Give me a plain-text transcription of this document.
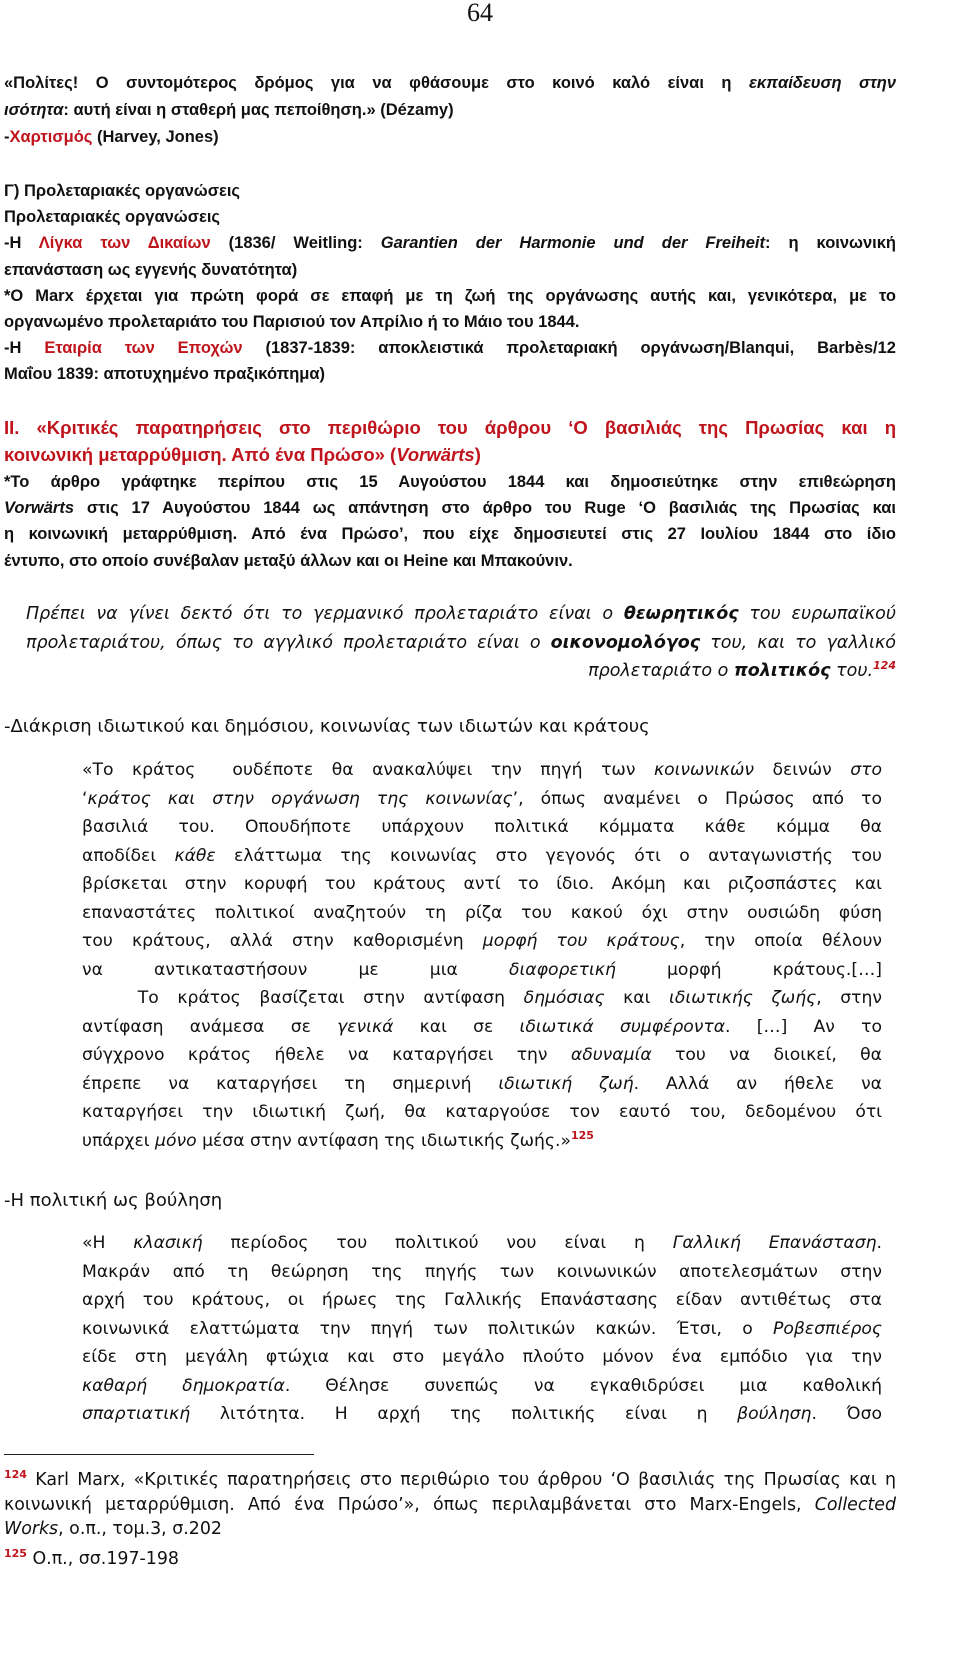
64
«Πολίτες! Ο συντομότερος δρόμος για να φθάσουμε στο κοινό καλό είναι η εκπαίδευση στην
ισότητα: αυτή είναι η σταθερή μας πεποίθηση.» (Dézamy)
-Χαρτισμός (Harvey, Jones)
Γ) Προλεταριακές οργανώσεις
Προλεταριακές οργανώσεις
-Η Λίγκα των Δικαίων (1836/ Weitling: Garantien der Harmonie und der Freiheit: η κοινωνική
επανάσταση ως εγγενής δυνατότητα)
*Ο Marx έρχεται για πρώτη φορά σε επαφή με τη ζωή της οργάνωσης αυτής και, γενικότερα, με το
οργανωμένο προλεταριάτο του Παρισιού τον Απρίλιο ή το Μάιο του 1844.
-Η Εταιρία των Εποχών (1837-1839: αποκλειστικά προλεταριακή οργάνωση/Blanqui, Barbès/12
Μαΐου 1839: αποτυχημένο πραξικόπημα)
ΙΙ. «Κριτικές παρατηρήσεις στο περιθώριο του άρθρου ‘Ο βασιλιάς της Πρωσίας και η
κοινωνική μεταρρύθμιση. Από ένα Πρώσο» (Vorwärts)
*Το άρθρο γράφτηκε περίπου στις 15 Αυγούστου 1844 και δημοσιεύτηκε στην επιθεώρηση
Vorwärts στις 17 Αυγούστου 1844 ως απάντηση στο άρθρο του Ruge ‘Ο βασιλιάς της Πρωσίας και
η κοινωνική μεταρρύθμιση. Από ένα Πρώσο’, που είχε δημοσιευτεί στις 27 Ιουλίου 1844 στο ίδιο
έντυπο, στο οποίο συνέβαλαν μεταξύ άλλων και οι Heine και Μπακούνιν.
Πρέπει να γίνει δεκτό ότι το γερμανικό προλεταριάτο είναι ο θεωρητικός του ευρωπαϊκού
προλεταριάτου, όπως το αγγλικό προλεταριάτο είναι ο οικονομολόγος του, και το γαλλικό
προλεταριάτο ο πολιτικός του.$^{124}$
-Διάκριση ιδιωτικού και δημόσιου, κοινωνίας των ιδιωτών και κράτους
«Το κράτος  ουδέποτε θα ανακαλύψει την πηγή των κοινωνικών δεινών στο
‘κράτος και στην οργάνωση της κοινωνίας’, όπως αναμένει ο Πρώσος από το
βασιλιά του. Οπουδήποτε υπάρχουν πολιτικά κόμματα κάθε κόμμα θα
αποδίδει κάθε ελάττωμα της κοινωνίας στο γεγονός ότι ο ανταγωνιστής του
βρίσκεται στην κορυφή του κράτους αντί το ίδιο. Ακόμη και ριζοσπάστες και
επαναστάτες πολιτικοί αναζητούν τη ρίζα του κακού όχι στην ουσιώδη φύση
του κράτους, αλλά στην καθορισμένη μορφή του κράτους, την οποία θέλουν
να αντικαταστήσουν με μια διαφορετική μορφή κράτους.[…]
Το κράτος βασίζεται στην αντίφαση δημόσιας και ιδιωτικής ζωής, στην
αντίφαση ανάμεσα σε γενικά και σε ιδιωτικά συμφέροντα. […] Αν το
σύγχρονο κράτος ήθελε να καταργήσει την αδυναμία του να διοικεί, θα
έπρεπε να καταργήσει τη σημερινή ιδιωτική ζωή. Αλλά αν ήθελε να
καταργήσει την ιδιωτική ζωή, θα καταργούσε τον εαυτό του, δεδομένου ότι
υπάρχει μόνο μέσα στην αντίφαση της ιδιωτικής ζωής.»$^{125}$
-Η πολιτική ως βούληση
«Η κλασική περίοδος του πολιτικού νου είναι η Γαλλική Επανάσταση.
Μακράν από τη θεώρηση της πηγής των κοινωνικών αποτελεσμάτων στην
αρχή του κράτους, οι ήρωες της Γαλλικής Επανάστασης είδαν αντιθέτως στα
κοινωνικά ελαττώματα την πηγή των πολιτικών κακών. Έτσι, ο Ροβεσπιέρος
είδε στη μεγάλη φτώχια και στο μεγάλο πλούτο μόνον ένα εμπόδιο για την
καθαρή δημοκρατία. Θέλησε συνεπώς να εγκαθιδρύσει μια καθολική
σπαρτιατική λιτότητα. Η αρχή της πολιτικής είναι η βούληση. Όσο
$^{124}$ Karl Marx, «Κριτικές παρατηρήσεις στο περιθώριο του άρθρου ‘Ο βασιλιάς της Πρωσίας και η
κοινωνική μεταρρύθμιση. Από ένα Πρώσο’», όπως περιλαμβάνεται στο Marx-Engels, Collected
Works, ο.π., τομ.3, σ.202
$^{125}$ Ο.π., σσ.197-198
